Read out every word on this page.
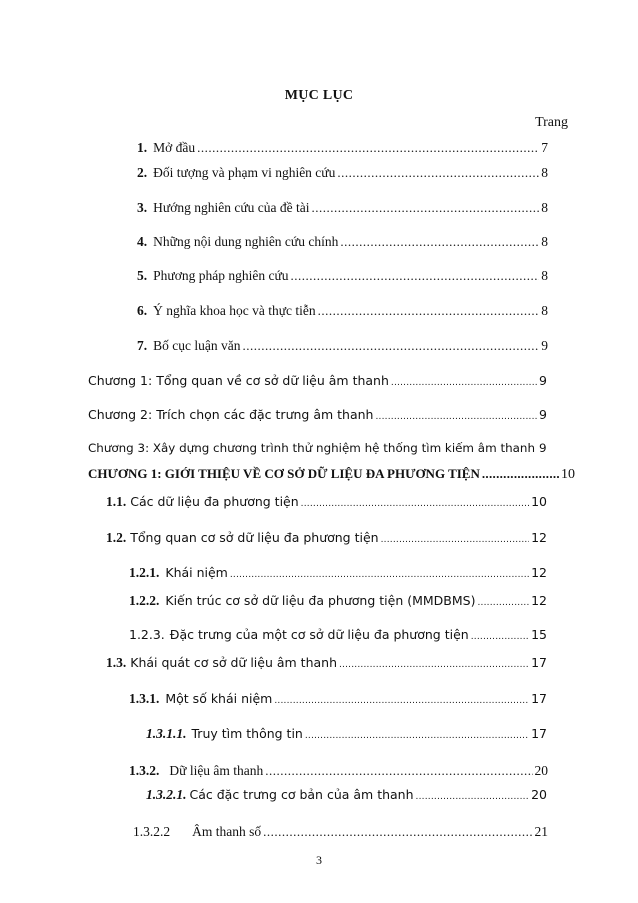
MỤC LỤC
Trang
1. Mở đầu .....	7
2. Đối tượng và phạm vi nghiên cứu .....	8
3. Hướng nghiên cứu của đề tài .....	8
4. Những nội dung nghiên cứu chính .....	8
5. Phương pháp nghiên cứu .....	8
6. Ý nghĩa khoa học và thực tiễn .....	8
7. Bố cục luận văn .....	9
Chương 1: Tổng quan về cơ sở dữ liệu âm thanh .....	9
Chương 2: Trích chọn các đặc trưng âm thanh .....	9
Chương 3: Xây dựng chương trình thử nghiệm hệ thống tìm kiếm âm thanh 9
CHƯƠNG 1: GIỚI THIỆU VỀ CƠ SỞ DỮ LIỆU ĐA PHƯƠNG TIỆN .....	10
1.1. Các dữ liệu đa phương tiện .....	10
1.2. Tổng quan cơ sở dữ liệu đa phương tiện .....	12
1.2.1. Khái niệm .....	12
1.2.2. Kiến trúc cơ sở dữ liệu đa phương tiện (MMDBMS) .....	12
1.2.3. Đặc trưng của một cơ sở dữ liệu đa phương tiện .....	15
1.3. Khái quát cơ sở dữ liệu âm thanh .....	17
1.3.1. Một số khái niệm .....	17
1.3.1.1. Truy tìm thông tin .....	17
1.3.2. Dữ liệu âm thanh .....	20
1.3.2.1. Các đặc trưng cơ bản của âm thanh .....	20
1.3.2.2 Âm thanh số .....	21
3
